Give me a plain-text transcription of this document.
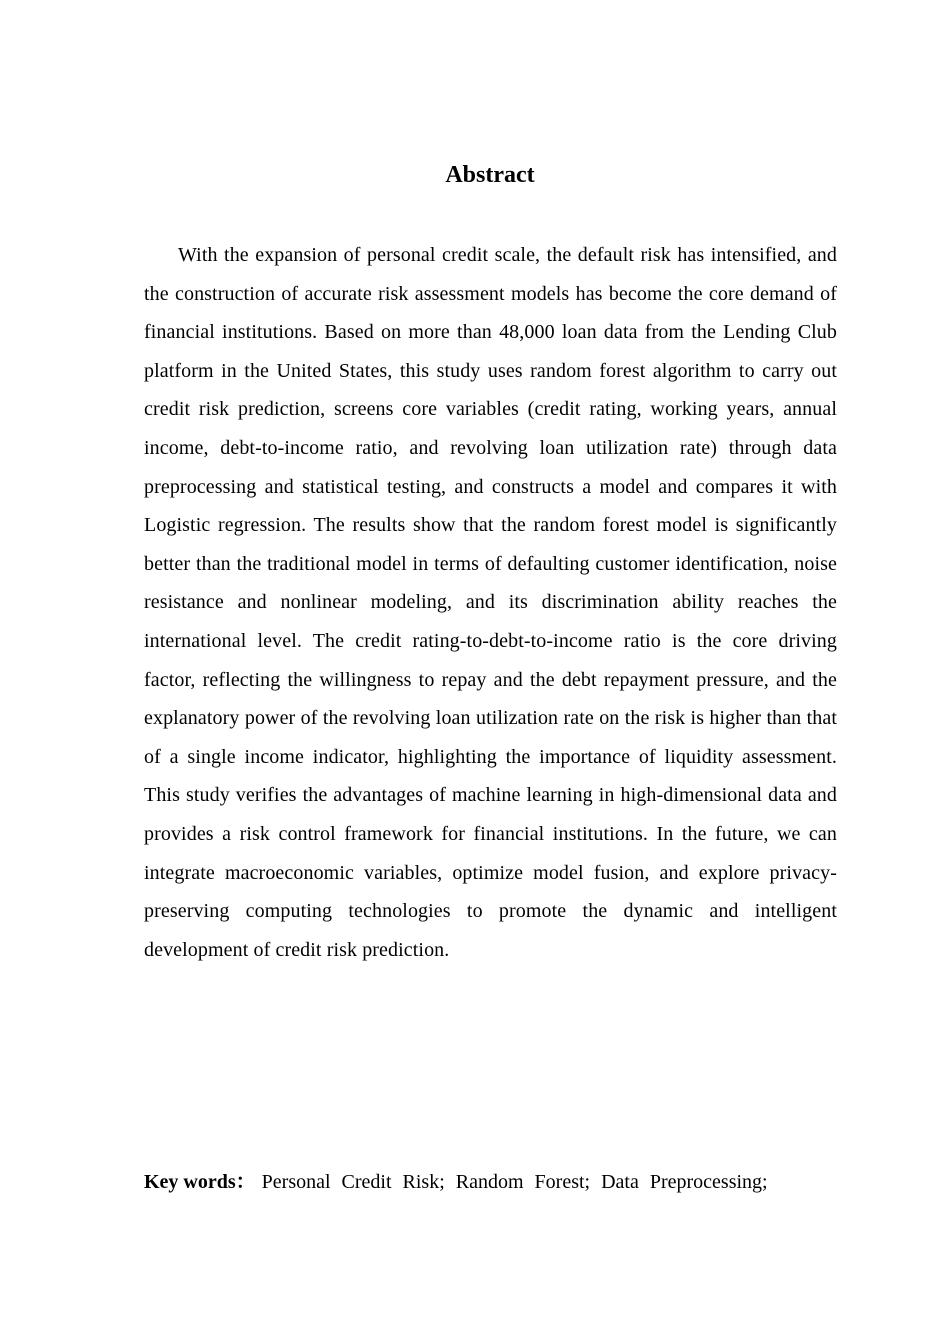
Abstract

With the expansion of personal credit scale, the default risk has intensified, and the construction of accurate risk assessment models has become the core demand of financial institutions. Based on more than 48,000 loan data from the Lending Club platform in the United States, this study uses random forest algorithm to carry out credit risk prediction, screens core variables (credit rating, working years, annual income, debt-to-income ratio, and revolving loan utilization rate) through data preprocessing and statistical testing, and constructs a model and compares it with Logistic regression. The results show that the random forest model is significantly better than the traditional model in terms of defaulting customer identification, noise resistance and nonlinear modeling, and its discrimination ability reaches the international level. The credit rating-to-debt-to-income ratio is the core driving factor, reflecting the willingness to repay and the debt repayment pressure, and the explanatory power of the revolving loan utilization rate on the risk is higher than that of a single income indicator, highlighting the importance of liquidity assessment. This study verifies the advantages of machine learning in high-dimensional data and provides a risk control framework for financial institutions. In the future, we can integrate macroeconomic variables, optimize model fusion, and explore privacy-preserving computing technologies to promote the dynamic and intelligent development of credit risk prediction.

Key words： Personal Credit Risk; Random Forest; Data Preprocessing;
